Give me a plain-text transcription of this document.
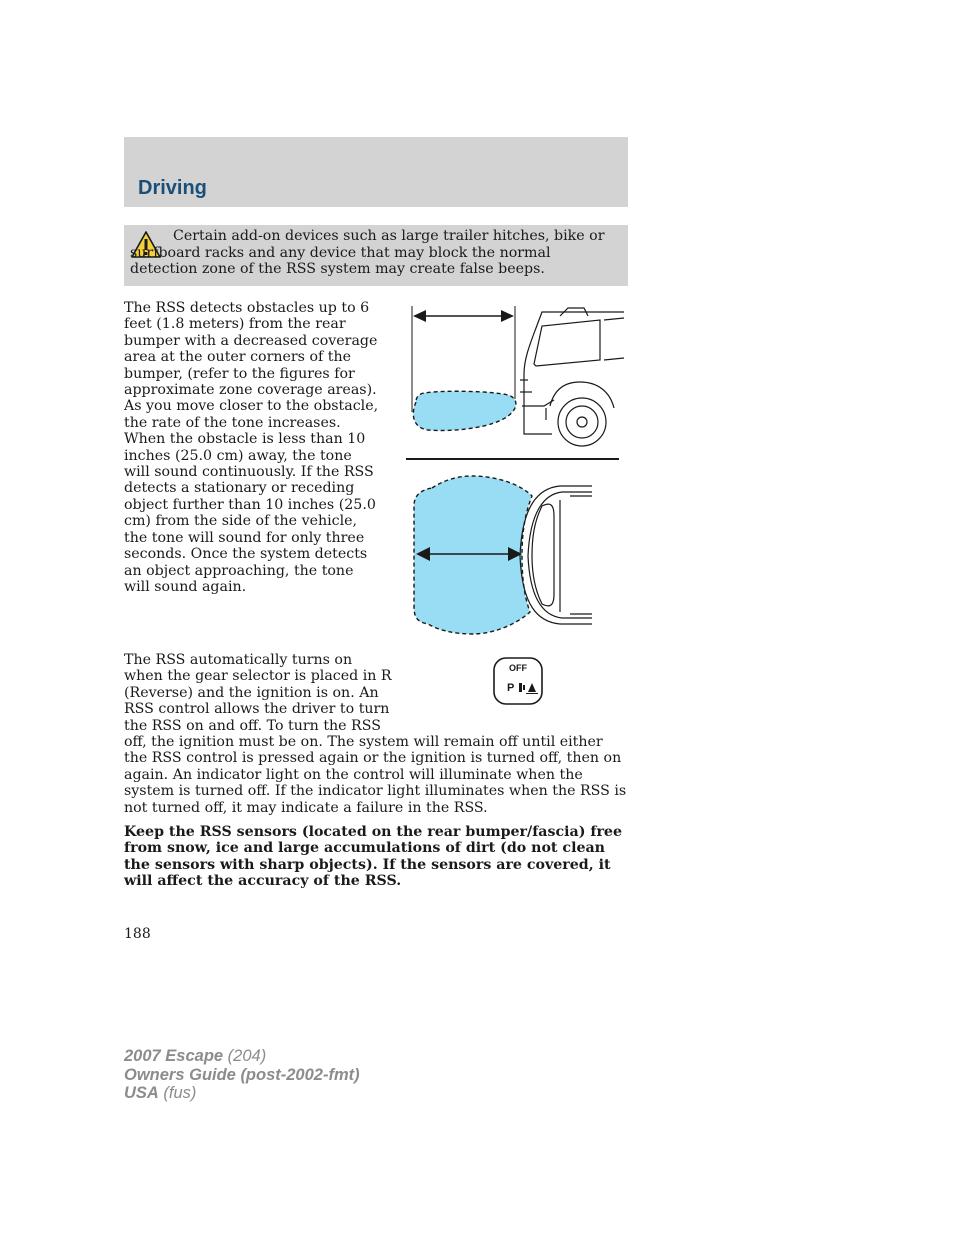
Driving

Certain add-on devices such as large trailer hitches, bike or surfboard racks and any device that may block the normal detection zone of the RSS system may create false beeps.

The RSS detects obstacles up to 6 feet (1.8 meters) from the rear bumper with a decreased coverage area at the outer corners of the bumper, (refer to the figures for approximate zone coverage areas). As you move closer to the obstacle, the rate of the tone increases. When the obstacle is less than 10 inches (25.0 cm) away, the tone will sound continuously. If the RSS detects a stationary or receding object further than 10 inches (25.0 cm) from the side of the vehicle, the tone will sound for only three seconds. Once the system detects an object approaching, the tone will sound again.

OFF
P

The RSS automatically turns on when the gear selector is placed in R (Reverse) and the ignition is on. An RSS control allows the driver to turn the RSS on and off. To turn the RSS off, the ignition must be on. The system will remain off until either the RSS control is pressed again or the ignition is turned off, then on again. An indicator light on the control will illuminate when the system is turned off. If the indicator light illuminates when the RSS is not turned off, it may indicate a failure in the RSS.

Keep the RSS sensors (located on the rear bumper/fascia) free from snow, ice and large accumulations of dirt (do not clean the sensors with sharp objects). If the sensors are covered, it will affect the accuracy of the RSS.

188

2007 Escape (204)
Owners Guide (post-2002-fmt)
USA (fus)
